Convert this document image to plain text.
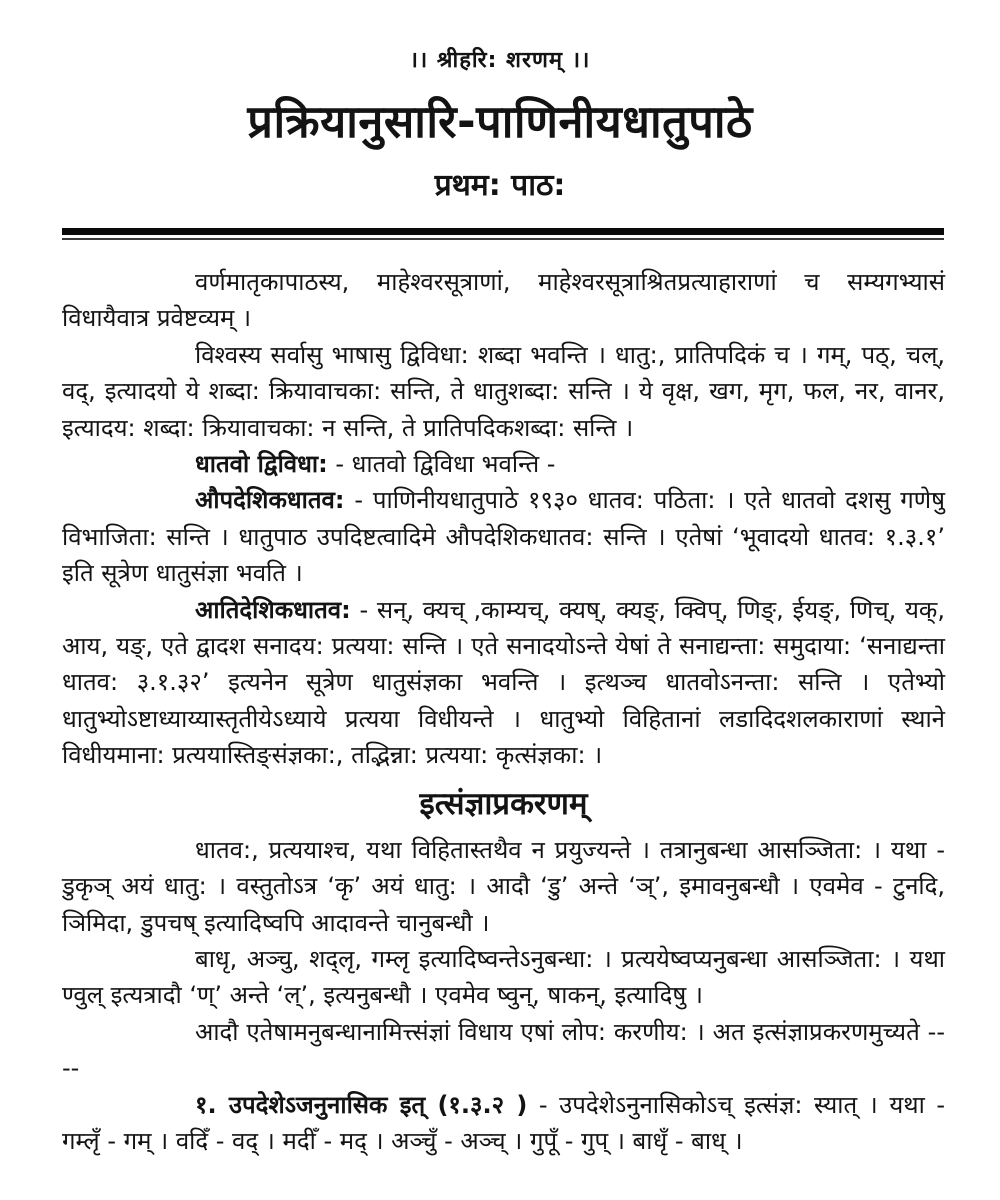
।। श्रीहरि: शरणम् ।।
प्रक्रियानुसारि-पाणिनीयधातुपाठे
प्रथम: पाठ:

वर्णमातृकापाठस्य, माहेश्वरसूत्राणां, माहेश्वरसूत्राश्रितप्रत्याहाराणां च सम्यगभ्यासं विधायैवात्र प्रवेष्टव्यम् ।

विश्वस्य सर्वासु भाषासु द्विविधा: शब्दा भवन्ति । धातु:, प्रातिपदिकं च । गम्, पठ्, चल्, वद्, इत्यादयो ये शब्दा: क्रियावाचका: सन्ति, ते धातुशब्दा: सन्ति । ये वृक्ष, खग, मृग, फल, नर, वानर, इत्यादय: शब्दा: क्रियावाचका: न सन्ति, ते प्रातिपदिकशब्दा: सन्ति ।

धातवो द्विविधा: - धातवो द्विविधा भवन्ति -

औपदेशिकधातव: - पाणिनीयधातुपाठे १९३० धातव: पठिता: । एते धातवो दशसु गणेषु विभाजिता: सन्ति । धातुपाठ उपदिष्टत्वादिमे औपदेशिकधातव: सन्ति । एतेषां ‘भूवादयो धातव: १.३.१’ इति सूत्रेण धातुसंज्ञा भवति ।

आतिदेशिकधातव: - सन्, क्यच् ,काम्यच्, क्यष्, क्यङ्, क्विप्, णिङ्, ईयङ्, णिच्, यक्, आय, यङ्, एते द्वादश सनादय: प्रत्यया: सन्ति । एते सनादयोऽन्ते येषां ते सनाद्यन्ता: समुदाया: ‘सनाद्यन्ता धातव: ३.१.३२’ इत्यनेन सूत्रेण धातुसंज्ञका भवन्ति । इत्थञ्च धातवोऽनन्ता: सन्ति । एतेभ्यो धातुभ्योऽष्टाध्याय्यास्तृतीयेऽध्याये प्रत्यया विधीयन्ते । धातुभ्यो विहितानां लडादिदशलकाराणां स्थाने विधीयमाना: प्रत्ययास्तिङ्संज्ञका:, तद्भिन्ना: प्रत्यया: कृत्संज्ञका: ।

इत्संज्ञाप्रकरणम्

धातव:, प्रत्ययाश्च, यथा विहितास्तथैव न प्रयुज्यन्ते । तत्रानुबन्धा आसञ्जिता: । यथा - डुकृञ् अयं धातु: । वस्तुतोऽत्र ‘कृ’ अयं धातु: । आदौ ‘डु’ अन्ते ‘ञ्’, इमावनुबन्धौ । एवमेव - टुनदि, ञिमिदा, डुपचष् इत्यादिष्वपि आदावन्ते चानुबन्धौ ।

बाधृ, अञ्चु, शद्लृ, गम्लृ इत्यादिष्वन्तेऽनुबन्धा: । प्रत्ययेष्वप्यनुबन्धा आसञ्जिता: । यथा ण्वुल् इत्यत्रादौ ‘ण्’ अन्ते ‘ल्’, इत्यनुबन्धौ । एवमेव ष्वुन्, षाकन्, इत्यादिषु ।

आदौ एतेषामनुबन्धानामित्त्संज्ञां विधाय एषां लोप: करणीय: । अत इत्संज्ञाप्रकरणमुच्यते ----

१. उपदेशेऽजनुनासिक इत् (१.३.२ ) - उपदेशेऽनुनासिकोऽच् इत्संज्ञ: स्यात् । यथा - गम्लृँ - गम् । वदिँ - वद् । मदीँ - मद् । अञ्चुँ - अञ्च् । गुपूँ - गुप् । बाधृँ - बाध् ।
